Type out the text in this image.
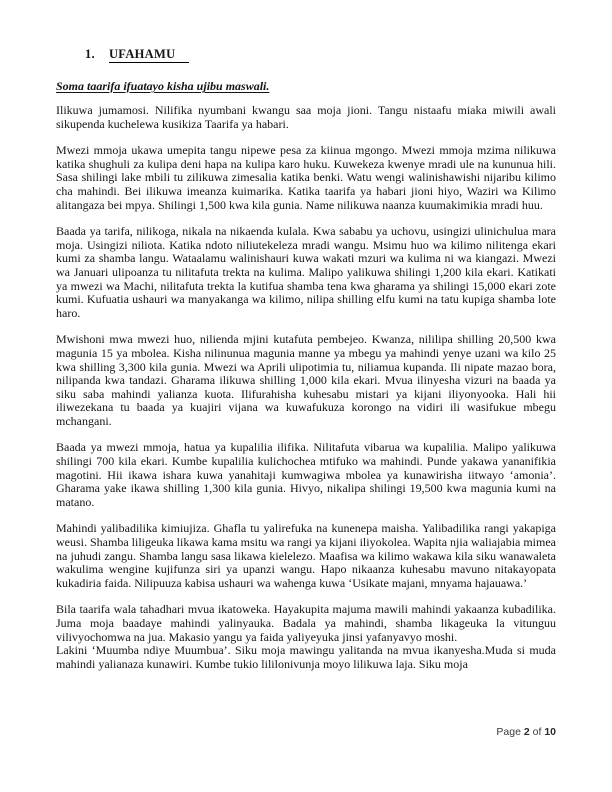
1. UFAHAMU
Soma taarifa ifuatayo kisha ujibu maswali.

Ilikuwa jumamosi. Nilifika nyumbani kwangu saa moja jioni. Tangu nistaafu miaka miwili awali sikupenda kuchelewa kusikiza Taarifa ya habari.

Mwezi mmoja ukawa umepita tangu nipewe pesa za kiinua mgongo. Mwezi mmoja mzima nilikuwa katika shughuli za kulipa deni hapa na kulipa karo huku. Kuwekeza kwenye mradi ule na kununua hili. Sasa shilingi lake mbili tu zilikuwa zimesalia katika benki. Watu wengi walinishawishi nijaribu kilimo cha mahindi. Bei ilikuwa imeanza kuimarika. Katika taarifa ya habari jioni hiyo, Waziri wa Kilimo alitangaza bei mpya. Shilingi 1,500 kwa kila gunia. Name nilikuwa naanza kuumakimikia mradi huu.

Baada ya tarifa, nilikoga, nikala na nikaenda kulala. Kwa sababu ya uchovu, usingizi ulinichulua mara moja. Usingizi niliota. Katika ndoto niliutekeleza mradi wangu. Msimu huo wa kilimo nilitenga ekari kumi za shamba langu. Wataalamu walinishauri kuwa wakati mzuri wa kulima ni wa kiangazi. Mwezi wa Januari ulipoanza tu nilitafuta trekta na kulima. Malipo yalikuwa shilingi 1,200 kila ekari. Katikati ya mwezi wa Machi, nilitafuta trekta la kutifua shamba tena kwa gharama ya shilingi 15,000 ekari zote kumi. Kufuatia ushauri wa manyakanga wa kilimo, nilipa shilling elfu kumi na tatu kupiga shamba lote haro.

Mwishoni mwa mwezi huo, nilienda mjini kutafuta pembejeo. Kwanza, nililipa shilling 20,500 kwa magunia 15 ya mbolea. Kisha nilinunua magunia manne ya mbegu ya mahindi yenye uzani wa kilo 25 kwa shilling 3,300 kila gunia. Mwezi wa Aprili ulipotimia tu, niliamua kupanda. Ili nipate mazao bora, nilipanda kwa tandazi. Gharama ilikuwa shilling 1,000 kila ekari. Mvua ilinyesha vizuri na baada ya siku saba mahindi yalianza kuota. Ilifurahisha kuhesabu mistari ya kijani iliyonyooka. Hali hii iliwezekana tu baada ya kuajiri vijana wa kuwafukuza korongo na vidiri ili wasifukue mbegu mchangani.

Baada ya mwezi mmoja, hatua ya kupalilia ilifika. Nilitafuta vibarua wa kupalilia. Malipo yalikuwa shilingi 700 kila ekari. Kumbe kupalilia kulichochea mtifuko wa mahindi. Punde yakawa yananifikia magotini. Hii ikawa ishara kuwa yanahitaji kumwagiwa mbolea ya kunawirisha iitwayo ‘amonia’. Gharama yake ikawa shilling 1,300 kila gunia. Hivyo, nikalipa shilingi 19,500 kwa magunia kumi na matano.

Mahindi yalibadilika kimiujiza. Ghafla tu yalirefuka na kunenepa maisha. Yalibadilika rangi yakapiga weusi. Shamba liligeuka likawa kama msitu wa rangi ya kijani iliyokolea. Wapita njia waliajabia mimea na juhudi zangu. Shamba langu sasa likawa kielelezo. Maafisa wa kilimo wakawa kila siku wanawaleta wakulima wengine kujifunza siri ya upanzi wangu. Hapo nikaanza kuhesabu mavuno nitakayopata kukadiria faida. Nilipuuza kabisa ushauri wa wahenga kuwa ‘Usikate majani, mnyama hajauawa.’

Bila taarifa wala tahadhari mvua ikatoweka. Hayakupita majuma mawili mahindi yakaanza kubadilika. Juma moja baadaye mahindi yalinyauka. Badala ya mahindi, shamba likageuka la vitunguu vilivyochomwa na jua. Makasio yangu ya faida yaliyeyuka jinsi yafanyavyo moshi.
Lakini ‘Muumba ndiye Muumbua’. Siku moja mawingu yalitanda na mvua ikanyesha.Muda si muda mahindi yalianaza kunawiri. Kumbe tukio lililonivunja moyo lilikuwa laja. Siku moja

Page 2 of 10
